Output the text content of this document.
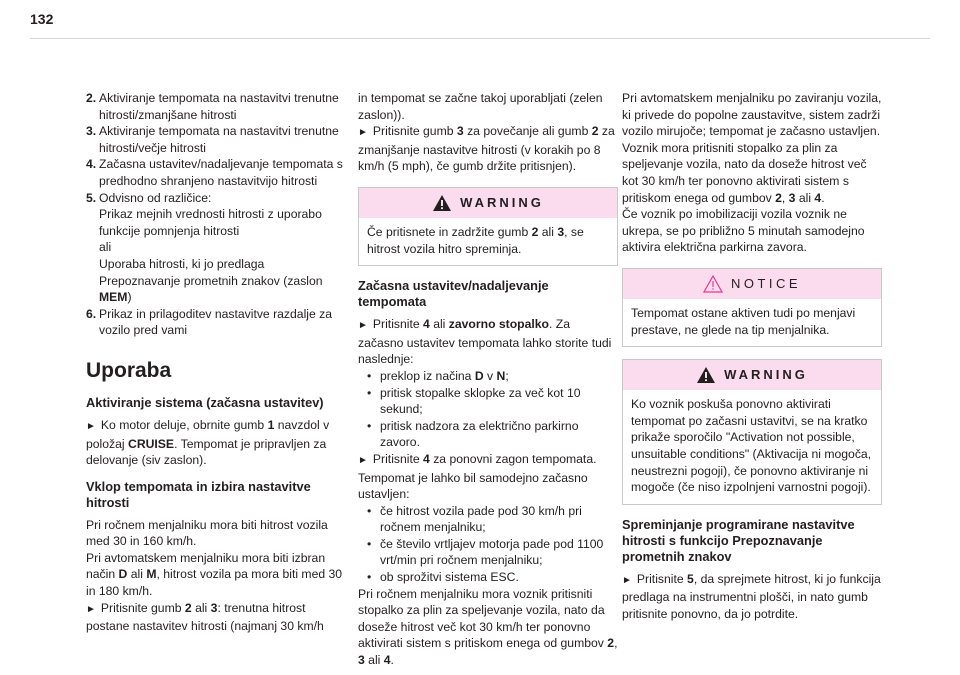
132
2. Aktiviranje tempomata na nastavitvi trenutne hitrosti/zmanjšane hitrosti
3. Aktiviranje tempomata na nastavitvi trenutne hitrosti/večje hitrosti
4. Začasna ustavitev/nadaljevanje tempomata s predhodno shranjeno nastavitvijo hitrosti
5. Odvisno od različice:
Prikaz mejnih vrednosti hitrosti z uporabo funkcije pomnjenja hitrosti
ali
Uporaba hitrosti, ki jo predlaga Prepoznavanje prometnih znakov (zaslon MEM)
6. Prikaz in prilagoditev nastavitve razdalje za vozilo pred vami
Uporaba
Aktiviranje sistema (začasna ustavitev)

► Ko motor deluje, obrnite gumb 1 navzdol v položaj CRUISE. Tempomat je pripravljen za delovanje (siv zaslon).

Vklop tempomata in izbira nastavitve hitrosti

Pri ročnem menjalniku mora biti hitrost vozila med 30 in 160 km/h.

Pri avtomatskem menjalniku mora biti izbran način D ali M, hitrost vozila pa mora biti med 30 in 180 km/h.

► Pritisnite gumb 2 ali 3: trenutna hitrost postane nastavitev hitrosti (najmanj 30 km/h

in tempomat se začne takoj uporabljati (zelen zaslon)).

► Pritisnite gumb 3 za povečanje ali gumb 2 za zmanjšanje nastavitve hitrosti (v korakih po 8 km/h (5 mph), če gumb držite pritisnjen).

WARNING
Če pritisnete in zadržite gumb 2 ali 3, se hitrost vozila hitro spreminja.
Začasna ustavitev/nadaljevanje tempomata

► Pritisnite 4 ali zavorno stopalko. Za začasno ustavitev tempomata lahko storite tudi naslednje:

• preklop iz načina D v N;
• pritisk stopalke sklopke za več kot 10 sekund;
• pritisk nadzora za električno parkirno zavoro.

► Pritisnite 4 za ponovni zagon tempomata.

Tempomat je lahko bil samodejno začasno ustavljen:

• če hitrost vozila pade pod 30 km/h pri ročnem menjalniku;
• če število vrtljajev motorja pade pod 1100 vrt/min pri ročnem menjalniku;
• ob sprožitvi sistema ESC.

Pri ročnem menjalniku mora voznik pritisniti stopalko za plin za speljevanje vozila, nato da doseže hitrost več kot 30 km/h ter ponovno aktivirati sistem s pritiskom enega od gumbov 2, 3 ali 4.

Pri avtomatskem menjalniku po zaviranju vozila, ki privede do popolne zaustavitve, sistem zadrži vozilo mirujoče; tempomat je začasno ustavljen.
Voznik mora pritisniti stopalko za plin za speljevanje vozila, nato da doseže hitrost več kot 30 km/h ter ponovno aktivirati sistem s pritiskom enega od gumbov 2, 3 ali 4.
Če voznik po imobilizaciji vozila voznik ne ukrepa, se po približno 5 minutah samodejno aktivira električna parkirna zavora.

NOTICE
Tempomat ostane aktiven tudi po menjavi prestave, ne glede na tip menjalnika.
WARNING
Ko voznik poskuša ponovno aktivirati tempomat po začasni ustavitvi, se na kratko prikaže sporočilo "Activation not possible, unsuitable conditions" (Aktivacija ni mogoča, neustrezni pogoji), če ponovno aktiviranje ni mogoče (če niso izpolnjeni varnostni pogoji).
Spreminjanje programirane nastavitve hitrosti s funkcijo Prepoznavanje prometnih znakov

► Pritisnite 5, da sprejmete hitrost, ki jo funkcija predlaga na instrumentni plošči, in nato gumb pritisnite ponovno, da jo potrdite.
